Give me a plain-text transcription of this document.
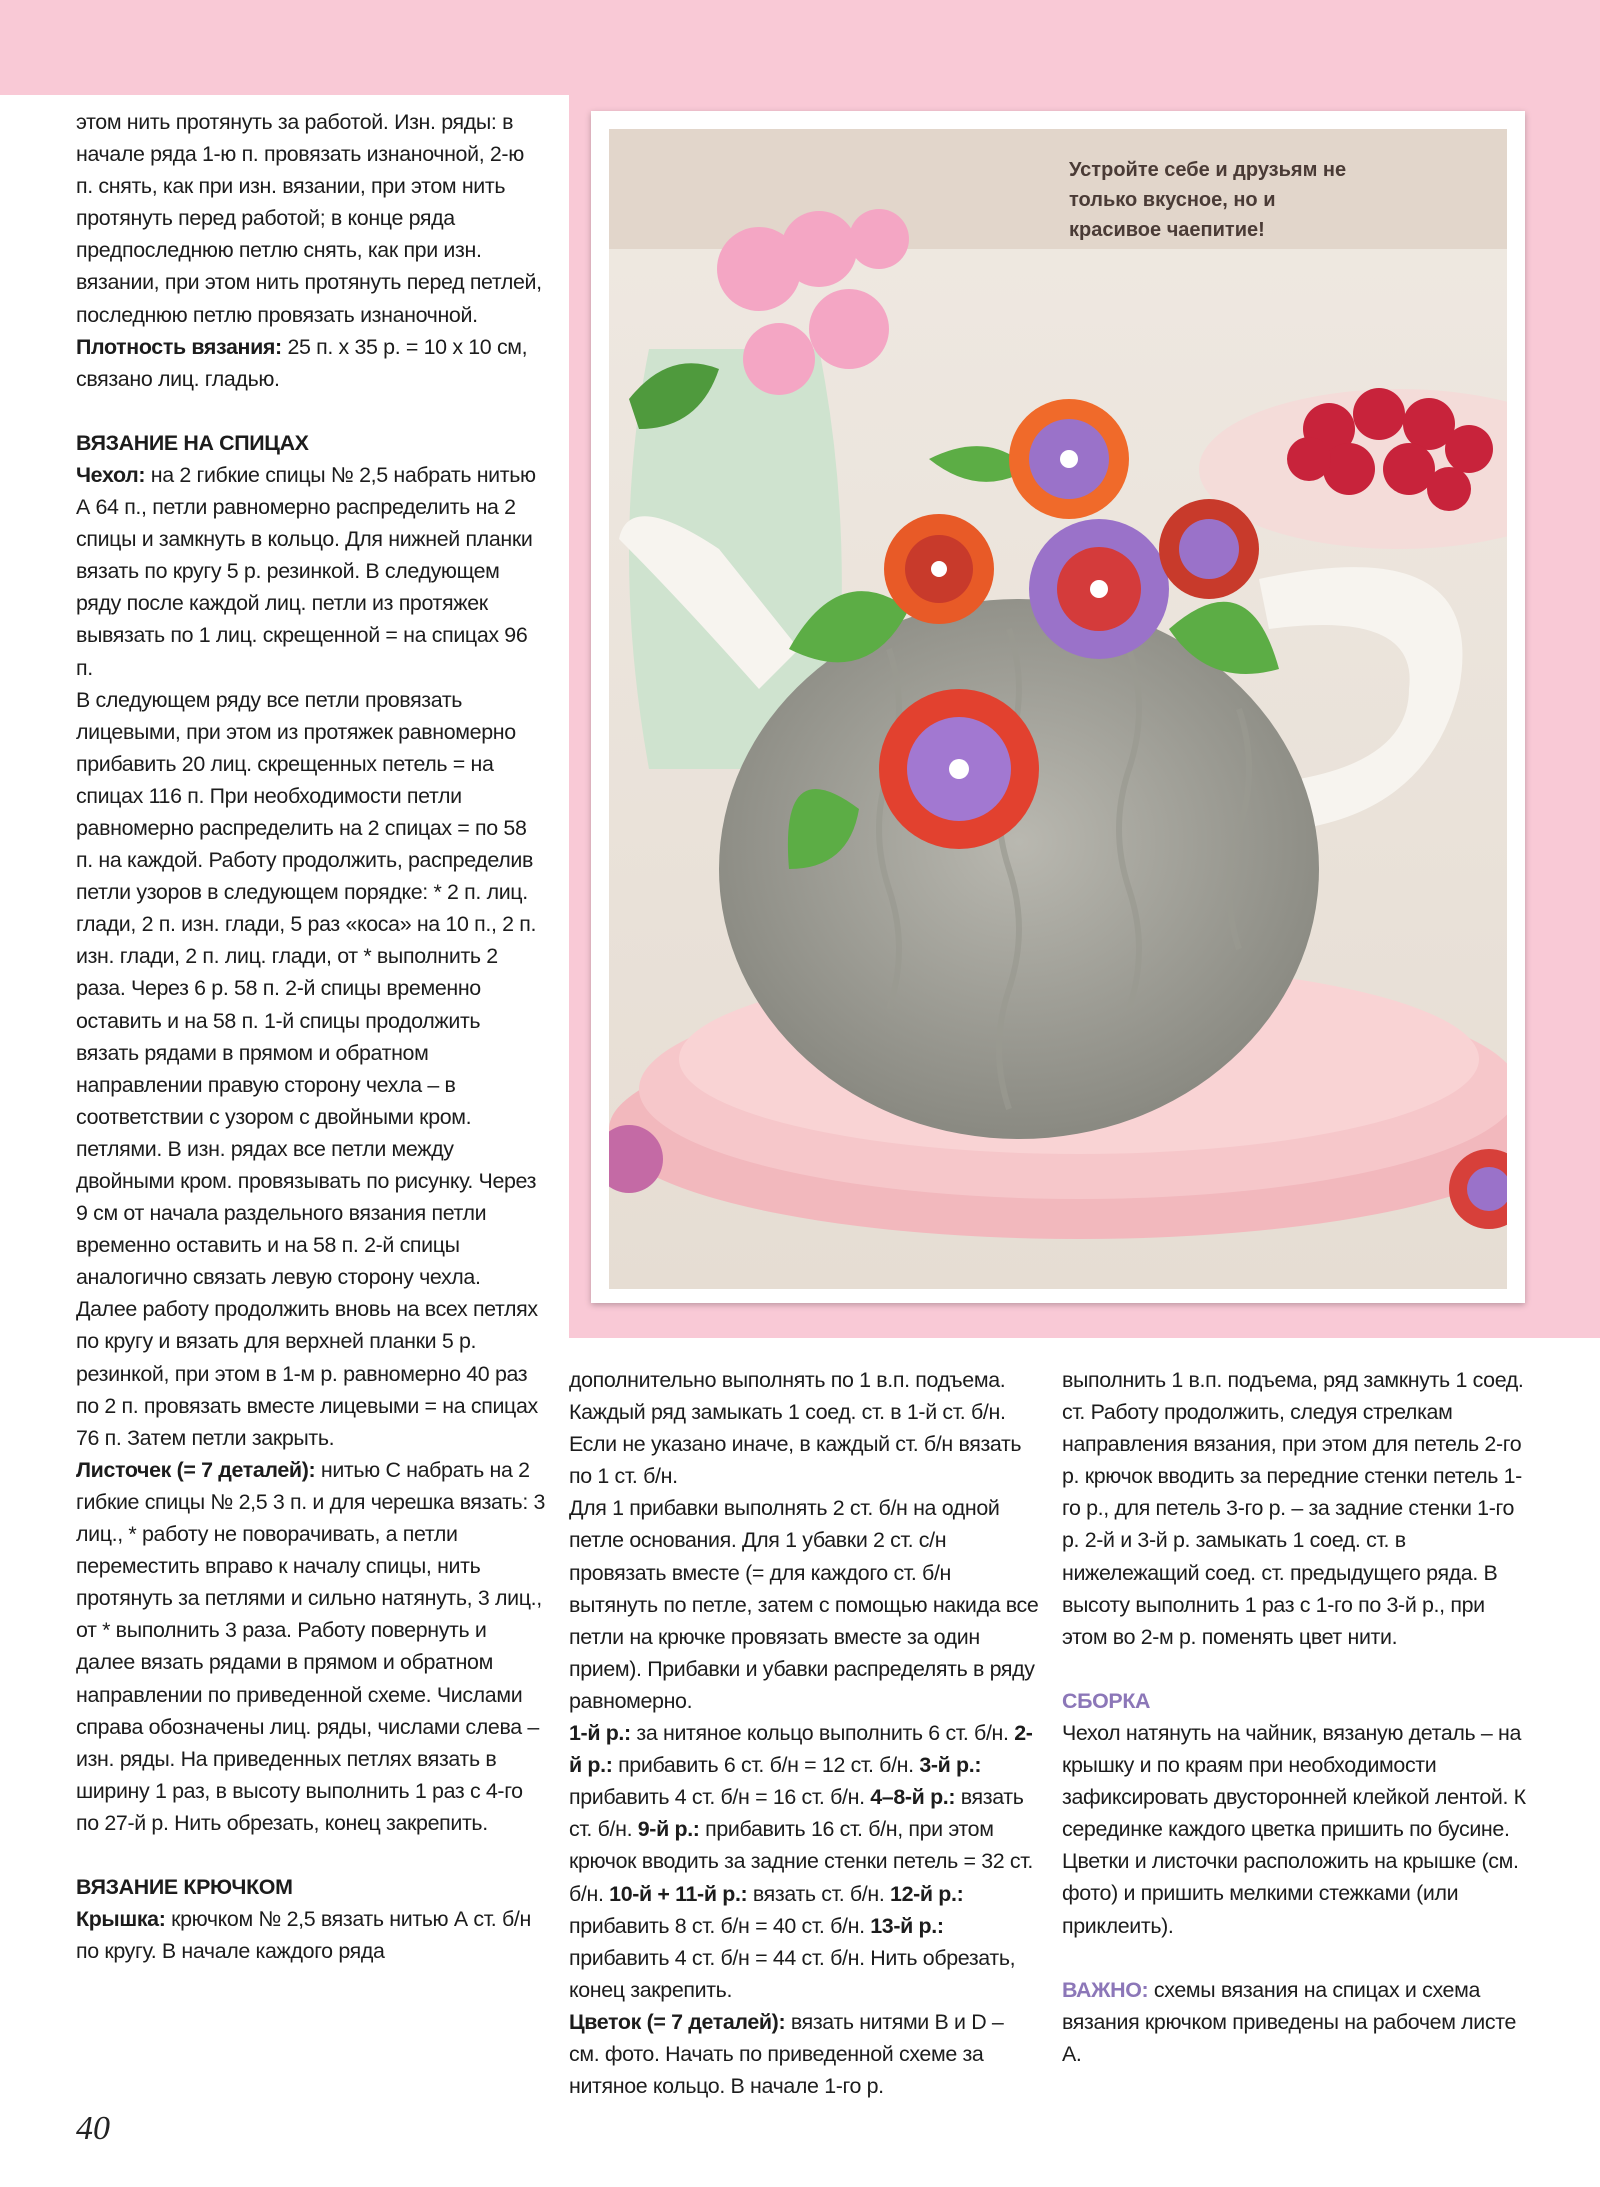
Устройте себе и друзьям не только вкусное, но и красивое чаепитие!

этом нить протянуть за работой. Изн. ряды: в начале ряда 1-ю п. провязать изнаночной, 2-ю п. снять, как при изн. вязании, при этом нить протянуть перед работой; в конце ряда предпоследнюю петлю снять, как при изн. вязании, при этом нить протянуть перед петлей, последнюю петлю провязать изнаночной.

Плотность вязания: 25 п. х 35 р. = 10 х 10 см, связано лиц. гладью.

ВЯЗАНИЕ НА СПИЦАХ

Чехол: на 2 гибкие спицы № 2,5 набрать нитью А 64 п., петли равномерно распределить на 2 спицы и замкнуть в кольцо. Для нижней планки вязать по кругу 5 р. резинкой. В следующем ряду после каждой лиц. петли из протяжек вывязать по 1 лиц. скрещенной = на спицах 96 п.

В следующем ряду все петли провязать лицевыми, при этом из протяжек равномерно прибавить 20 лиц. скрещенных петель = на спицах 116 п. При необходимости петли равномерно распределить на 2 спицах = по 58 п. на каждой. Работу продолжить, распределив петли узоров в следующем порядке: * 2 п. лиц. глади, 2 п. изн. глади, 5 раз «коса» на 10 п., 2 п. изн. глади, 2 п. лиц. глади, от * выполнить 2 раза. Через 6 р. 58 п. 2-й спицы временно оставить и на 58 п. 1-й спицы продолжить вязать рядами в прямом и обратном направлении правую сторону чехла – в соответствии с узором с двойными кром. петлями. В изн. рядах все петли между двойными кром. провязывать по рисунку. Через 9 см от начала раздельного вязания петли временно оставить и на 58 п. 2-й спицы аналогично связать левую сторону чехла. Далее работу продолжить вновь на всех петлях по кругу и вязать для верхней планки 5 р. резинкой, при этом в 1-м р. равномерно 40 раз по 2 п. провязать вместе лицевыми = на спицах 76 п. Затем петли закрыть.

Листочек (= 7 деталей): нитью С набрать на 2 гибкие спицы № 2,5 3 п. и для черешка вязать: 3 лиц., * работу не поворачивать, а петли переместить вправо к началу спицы, нить протянуть за петлями и сильно натянуть, 3 лиц., от * выполнить 3 раза. Работу повернуть и далее вязать рядами в прямом и обратном направлении по приведенной схеме. Числами справа обозначены лиц. ряды, числами слева – изн. ряды. На приведенных петлях вязать в ширину 1 раз, в высоту выполнить 1 раз с 4-го по 27-й р. Нить обрезать, конец закрепить.

ВЯЗАНИЕ КРЮЧКОМ

Крышка: крючком № 2,5 вязать нитью А ст. б/н по кругу. В начале каждого ряда

дополнительно выполнять по 1 в.п. подъема. Каждый ряд замыкать 1 соед. ст. в 1-й ст. б/н. Если не указано иначе, в каждый ст. б/н вязать по 1 ст. б/н.

Для 1 прибавки выполнять 2 ст. б/н на одной петле основания. Для 1 убавки 2 ст. с/н провязать вместе (= для каждого ст. б/н вытянуть по петле, затем с помощью накида все петли на крючке провязать вместе за один прием). Прибавки и убавки распределять в ряду равномерно.

1-й р.: за нитяное кольцо выполнить 6 ст. б/н. 2-й р.: прибавить 6 ст. б/н = 12 ст. б/н. 3-й р.: прибавить 4 ст. б/н = 16 ст. б/н. 4–8-й р.: вязать ст. б/н. 9-й р.: прибавить 16 ст. б/н, при этом крючок вводить за задние стенки петель = 32 ст. б/н. 10-й + 11-й р.: вязать ст. б/н. 12-й р.: прибавить 8 ст. б/н = 40 ст. б/н. 13-й р.: прибавить 4 ст. б/н = 44 ст. б/н. Нить обрезать, конец закрепить.

Цветок (= 7 деталей): вязать нитями В и D – см. фото. Начать по приведенной схеме за нитяное кольцо. В начале 1-го р.

выполнить 1 в.п. подъема, ряд замкнуть 1 соед. ст. Работу продолжить, следуя стрелкам направления вязания, при этом для петель 2-го р. крючок вводить за передние стенки петель 1-го р., для петель 3-го р. – за задние стенки 1-го р. 2-й и 3-й р. замыкать 1 соед. ст. в нижележащий соед. ст. предыдущего ряда. В высоту выполнить 1 раз с 1-го по 3-й р., при этом во 2-м р. поменять цвет нити.

СБОРКА

Чехол натянуть на чайник, вязаную деталь – на крышку и по краям при необходимости зафиксировать двусторонней клейкой лентой. К серединке каждого цветка пришить по бусине. Цветки и листочки расположить на крышке (см. фото) и пришить мелкими стежками (или приклеить).

ВАЖНО: схемы вязания на спицах и схема вязания крючком приведены на рабочем листе А.

40
